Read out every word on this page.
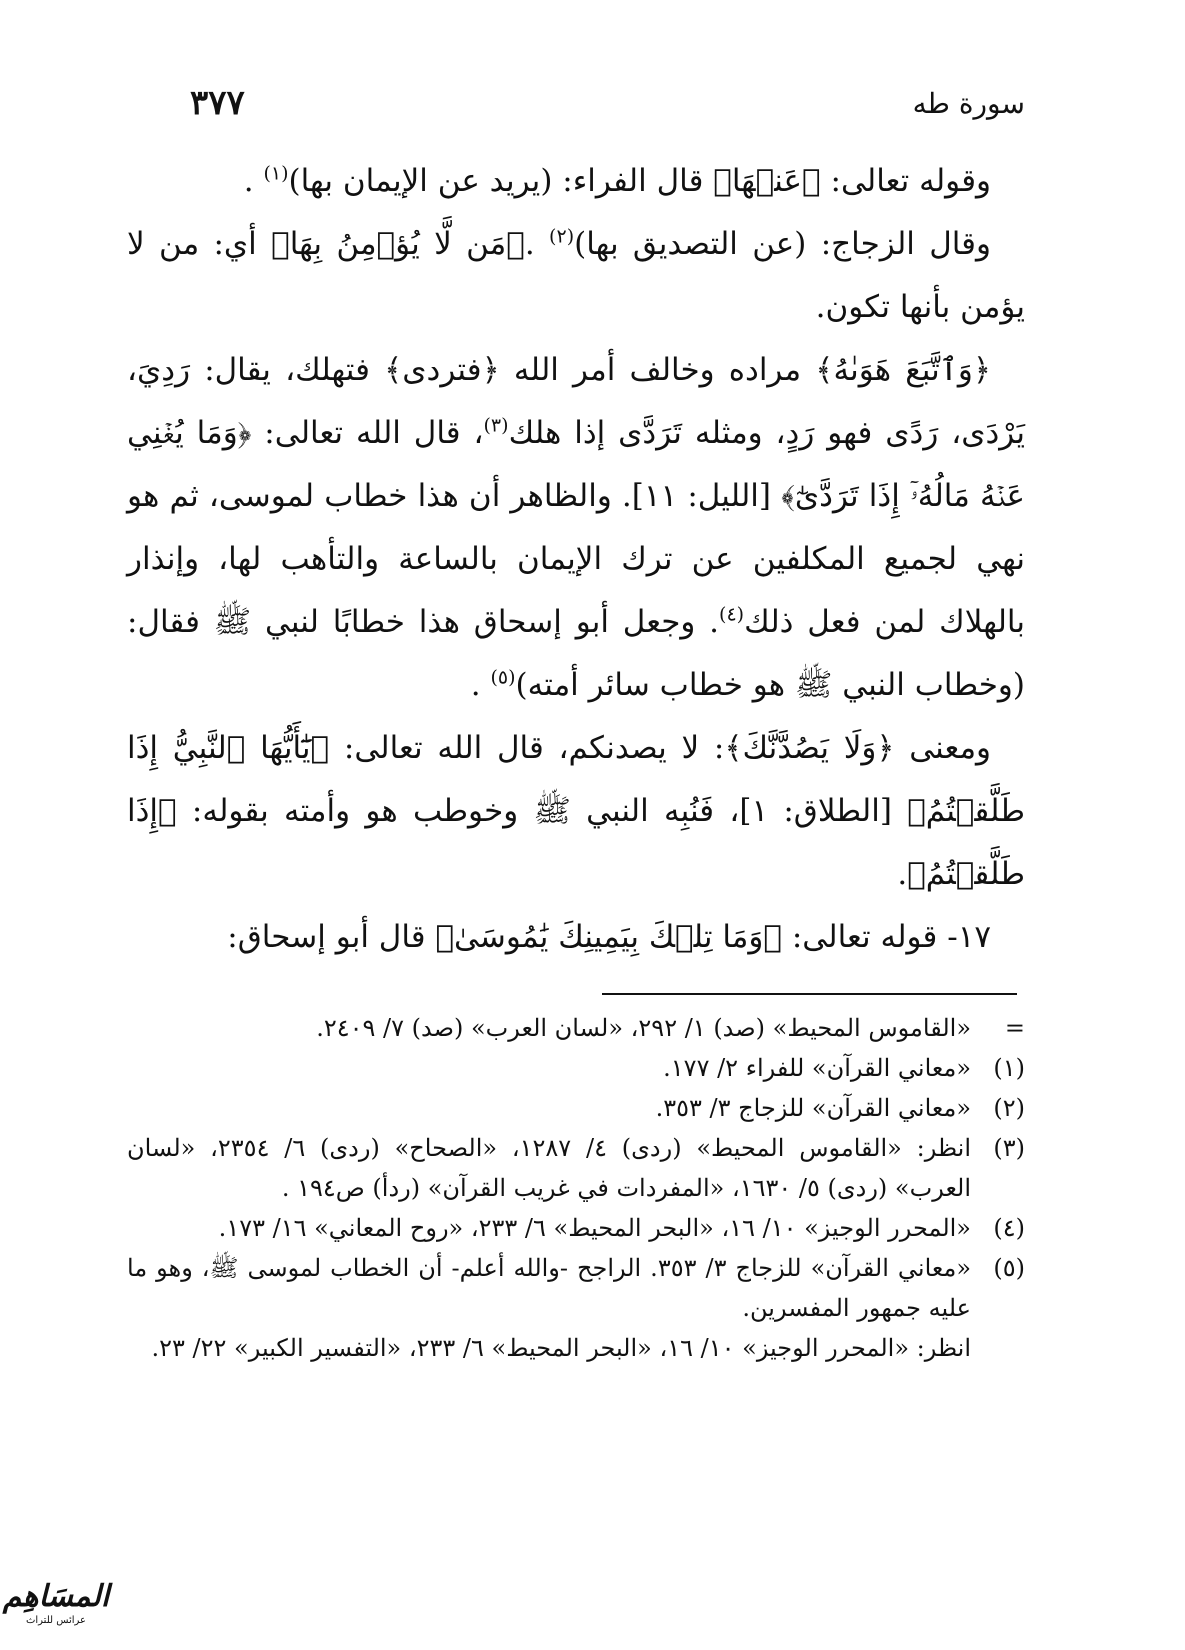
سورة طه
٣٧٧

وقوله تعالى: ﴿عَنۡهَا﴾ قال الفراء: (يريد عن الإيمان بها)$^{(١)}$ .

وقال الزجاج: (عن التصديق بها)$^{(٢)}$ .﴿مَن لَّا يُؤۡمِنُ بِهَا﴾ أي: من لا يؤمن بأنها تكون.

﴿وَٱتَّبَعَ هَوَىٰهُ﴾ مراده وخالف أمر الله ﴿فتردى﴾ فتهلك، يقال: رَدِيَ، يَرْدَى، رَدًى فهو رَدٍ، ومثله تَرَدَّى إذا هلك$^{(٣)}$، قال الله تعالى: ﴿وَمَا يُغۡنِي عَنۡهُ مَالُهُۥٓ إِذَا تَرَدَّىٰٓ﴾ [الليل: ١١]. والظاهر أن هذا خطاب لموسى، ثم هو نهي لجميع المكلفين عن ترك الإيمان بالساعة والتأهب لها، وإنذار بالهلاك لمن فعل ذلك$^{(٤)}$. وجعل أبو إسحاق هذا خطابًا لنبي ﷺ فقال: (وخطاب النبي ﷺ هو خطاب سائر أمته)$^{(٥)}$ .

ومعنى ﴿وَلَا يَصُدَّنَّكَ﴾: لا يصدنكم، قال الله تعالى: ﴿يَٰٓأَيُّهَا ٱلنَّبِيُّ إِذَا طَلَّقۡتُمُ﴾ [الطلاق: ١]، فَنُبِه النبي ﷺ وخوطب هو وأمته بقوله: ﴿إِذَا طَلَّقۡتُمُ﴾.

١٧- قوله تعالى: ﴿وَمَا تِلۡكَ بِيَمِينِكَ يَٰمُوسَىٰ﴾ قال أبو إسحاق:

=
«القاموس المحيط» (صد) ١/ ٢٩٢، «لسان العرب» (صد) ٧/ ٢٤٠٩.
(١)
«معاني القرآن» للفراء ٢/ ١٧٧.
(٢)
«معاني القرآن» للزجاج ٣/ ٣٥٣.
(٣)
انظر: «القاموس المحيط» (ردى) ٤/ ١٢٨٧، «الصحاح» (ردى) ٦/ ٢٣٥٤، «لسان العرب» (ردى) ٥/ ١٦٣٠، «المفردات في غريب القرآن» (ردأ) ص١٩٤ .
(٤)
«المحرر الوجيز» ١٠/ ١٦، «البحر المحيط» ٦/ ٢٣٣، «روح المعاني» ١٦/ ١٧٣.
(٥)
«معاني القرآن» للزجاج ٣/ ٣٥٣. الراجح -والله أعلم- أن الخطاب لموسى ﷺ، وهو ما عليه جمهور المفسرين.
انظر: «المحرر الوجيز» ١٠/ ١٦، «البحر المحيط» ٦/ ٢٣٣، «التفسير الكبير» ٢٢/ ٢٣.
المسَاهِم
عرائس للتراث
